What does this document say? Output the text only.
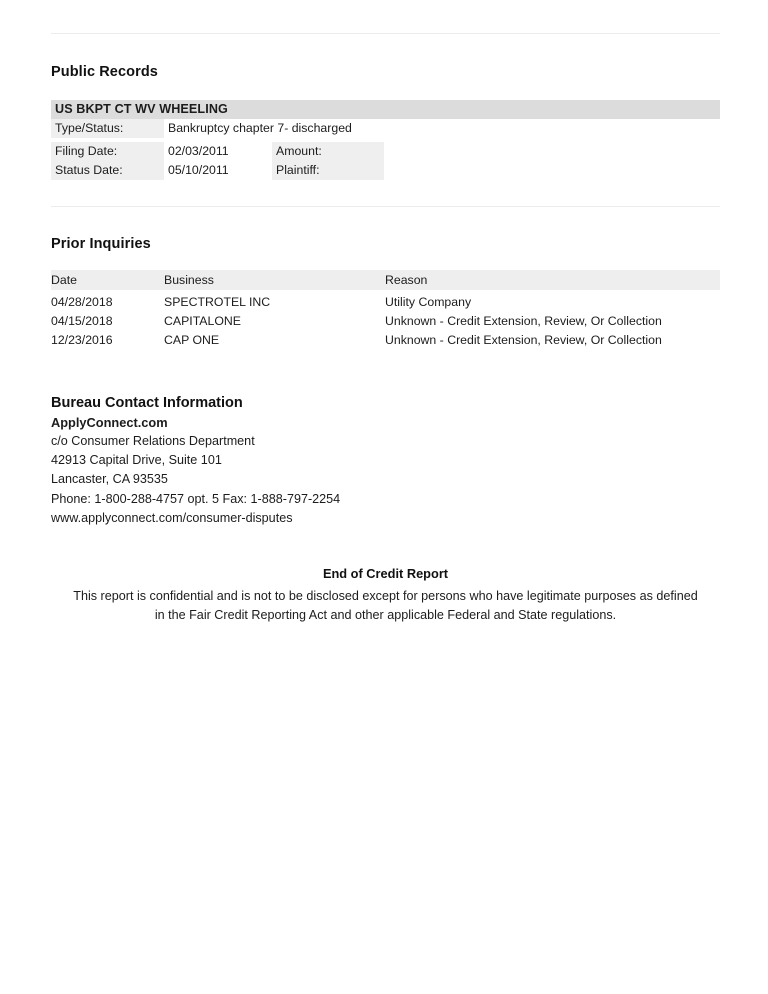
Public Records
US BKPT CT WV WHEELING			

Type/Status:	Bankruptcy chapter 7- discharged		

Filing Date:	02/03/2011	Amount:	
Status Date:	05/10/2011	Plaintiff:	
Prior Inquiries
Date	Business	Reason
04/28/2018	SPECTROTEL INC	Utility Company
04/15/2018	CAPITALONE	Unknown - Credit Extension, Review, Or Collection
12/23/2016	CAP ONE	Unknown - Credit Extension, Review, Or Collection
Bureau Contact Information
ApplyConnect.com
c/o Consumer Relations Department
42913 Capital Drive, Suite 101
Lancaster, CA 93535
Phone: 1-800-288-4757 opt. 5 Fax: 1-888-797-2254
www.applyconnect.com/consumer-disputes
End of Credit Report
This report is confidential and is not to be disclosed except for persons who have legitimate purposes as defined
in the Fair Credit Reporting Act and other applicable Federal and State regulations.
